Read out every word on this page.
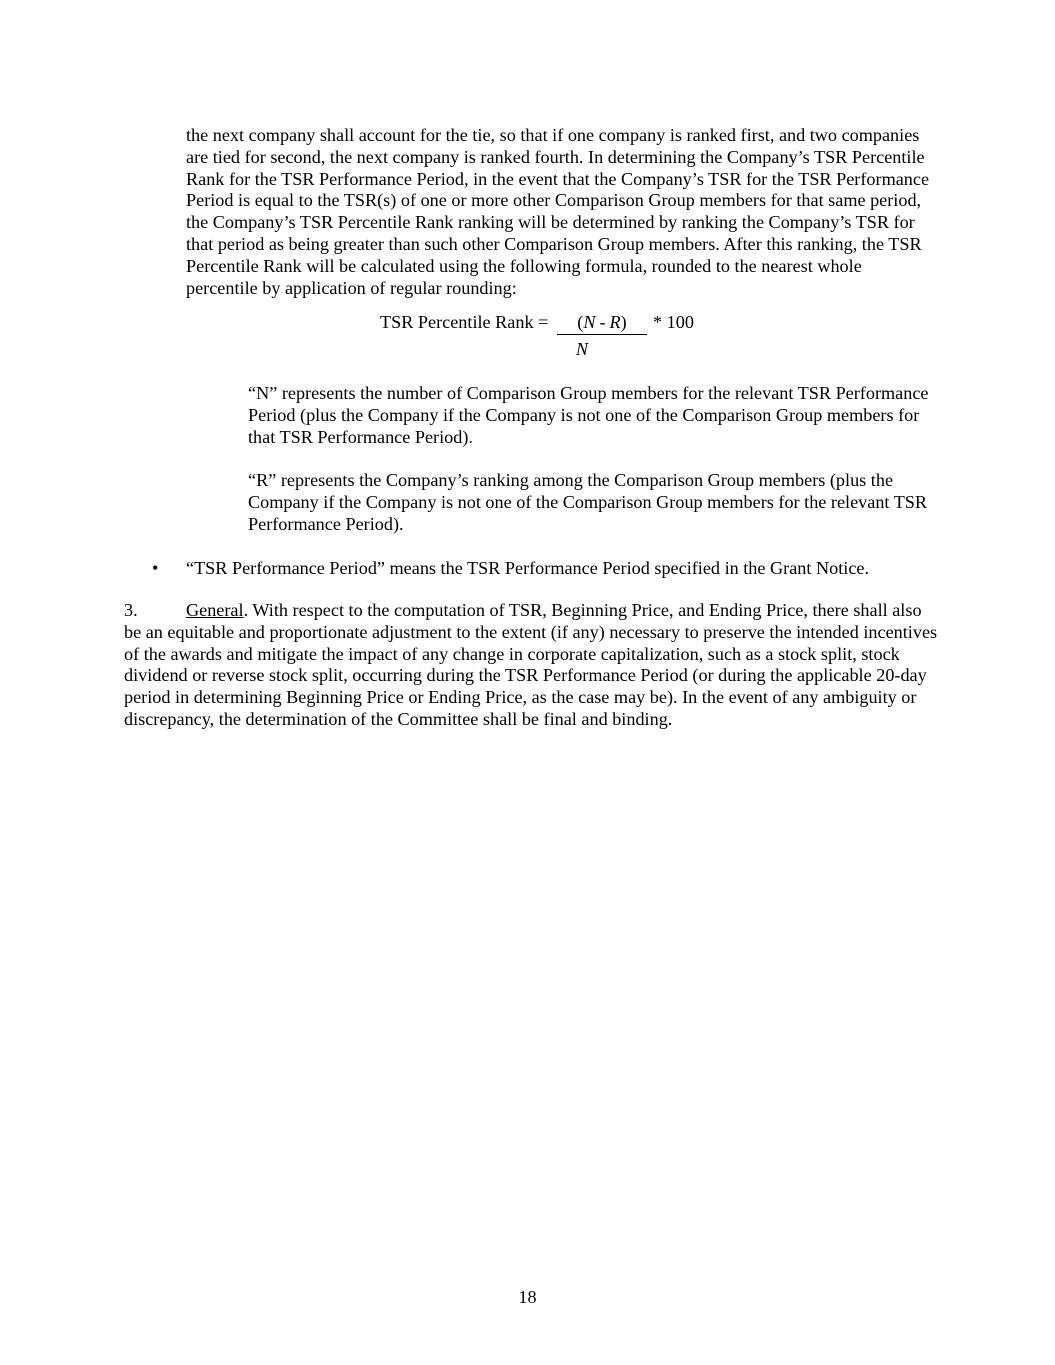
the next company shall account for the tie, so that if one company is ranked first, and two companies are tied for second, the next company is ranked fourth. In determining the Company’s TSR Percentile Rank for the TSR Performance Period, in the event that the Company’s TSR for the TSR Performance Period is equal to the TSR(s) of one or more other Comparison Group members for that same period, the Company’s TSR Percentile Rank ranking will be determined by ranking the Company’s TSR for that period as being greater than such other Comparison Group members. After this ranking, the TSR Percentile Rank will be calculated using the following formula, rounded to the nearest whole percentile by application of regular rounding:

TSR Percentile Rank =	(N - R)	* 100
N

“N” represents the number of Comparison Group members for the relevant TSR Performance Period (plus the Company if the Company is not one of the Comparison Group members for that TSR Performance Period).

“R” represents the Company’s ranking among the Comparison Group members (plus the Company if the Company is not one of the Comparison Group members for the relevant TSR Performance Period).

• “TSR Performance Period” means the TSR Performance Period specified in the Grant Notice.

3.	General. With respect to the computation of TSR, Beginning Price, and Ending Price, there shall also be an equitable and proportionate adjustment to the extent (if any) necessary to preserve the intended incentives of the awards and mitigate the impact of any change in corporate capitalization, such as a stock split, stock dividend or reverse stock split, occurring during the TSR Performance Period (or during the applicable 20-day period in determining Beginning Price or Ending Price, as the case may be). In the event of any ambiguity or discrepancy, the determination of the Committee shall be final and binding.

18
